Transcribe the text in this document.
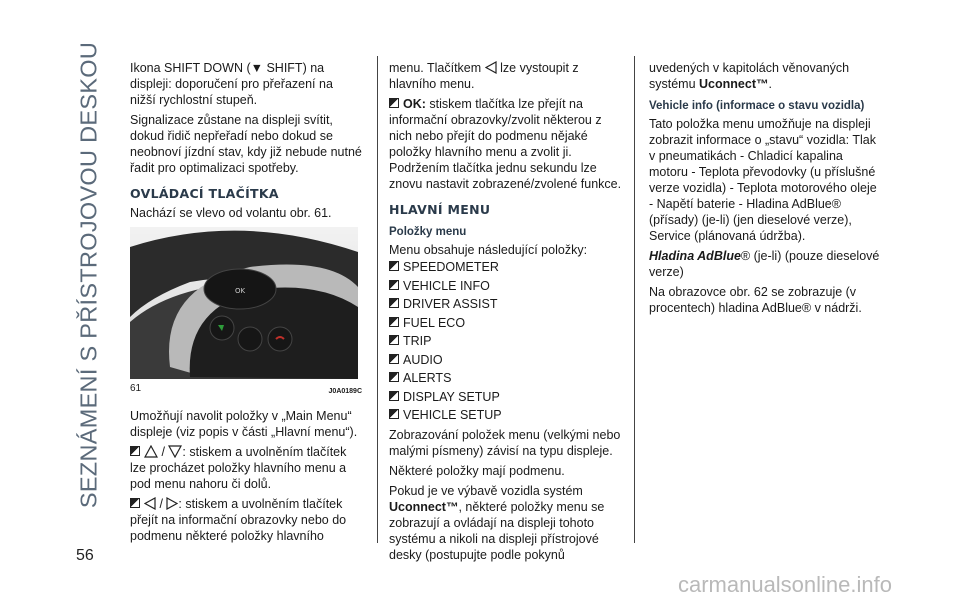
SEZNÁMENÍ S PŘÍSTROJOVOU DESKOU
56

Ikona SHIFT DOWN (▼ SHIFT) na displeji: doporučení pro přeřazení na nižší rychlostní stupeň.

Signalizace zůstane na displeji svítit, dokud řidič nepřeřadí nebo dokud se neobnoví jízdní stav, kdy již nebude nutné řadit pro optimalizaci spotřeby.

OVLÁDACÍ TLAČÍTKA

Nachází se vlevo od volantu obr. 61.

OK
61	J0A0189C

Umožňují navolit položky v „Main Menu“ displeje (viz popis v části „Hlavní menu“).

/ : stiskem a uvolněním tlačítek lze procházet položky hlavního menu a pod menu nahoru či dolů.

/ : stiskem a uvolněním tlačítek přejít na informační obrazovky nebo do podmenu některé položky hlavního

menu. Tlačítkem lze vystoupit z hlavního menu.

OK: stiskem tlačítka lze přejít na informační obrazovky/zvolit některou z nich nebo přejít do podmenu nějaké položky hlavního menu a zvolit ji. Podržením tlačítka jednu sekundu lze znovu nastavit zobrazené/zvolené funkce.

HLAVNÍ MENU
Položky menu

Menu obsahuje následující položky:

SPEEDOMETER

VEHICLE INFO

DRIVER ASSIST

FUEL ECO

TRIP

AUDIO

ALERTS

DISPLAY SETUP

VEHICLE SETUP

Zobrazování položek menu (velkými nebo malými písmeny) závisí na typu displeje.

Některé položky mají podmenu.

Pokud je ve výbavě vozidla systém Uconnect™, některé položky menu se zobrazují a ovládají na displeji tohoto systému a nikoli na displeji přístrojové desky (postupujte podle pokynů

uvedených v kapitolách věnovaných systému Uconnect™.

Vehicle info (informace o stavu vozidla)

Tato položka menu umožňuje na displeji zobrazit informace o „stavu“ vozidla: Tlak v pneumatikách - Chladicí kapalina motoru - Teplota převodovky (u příslušné verze vozidla) - Teplota motorového oleje - Napětí baterie - Hladina AdBlue® (přísady) (je-li) (jen dieselové verze), Service (plánovaná údržba).

Hladina AdBlue® (je-li) (pouze dieselové verze)

Na obrazovce obr. 62 se zobrazuje (v procentech) hladina AdBlue® v nádrži.

carmanualsonline.info
